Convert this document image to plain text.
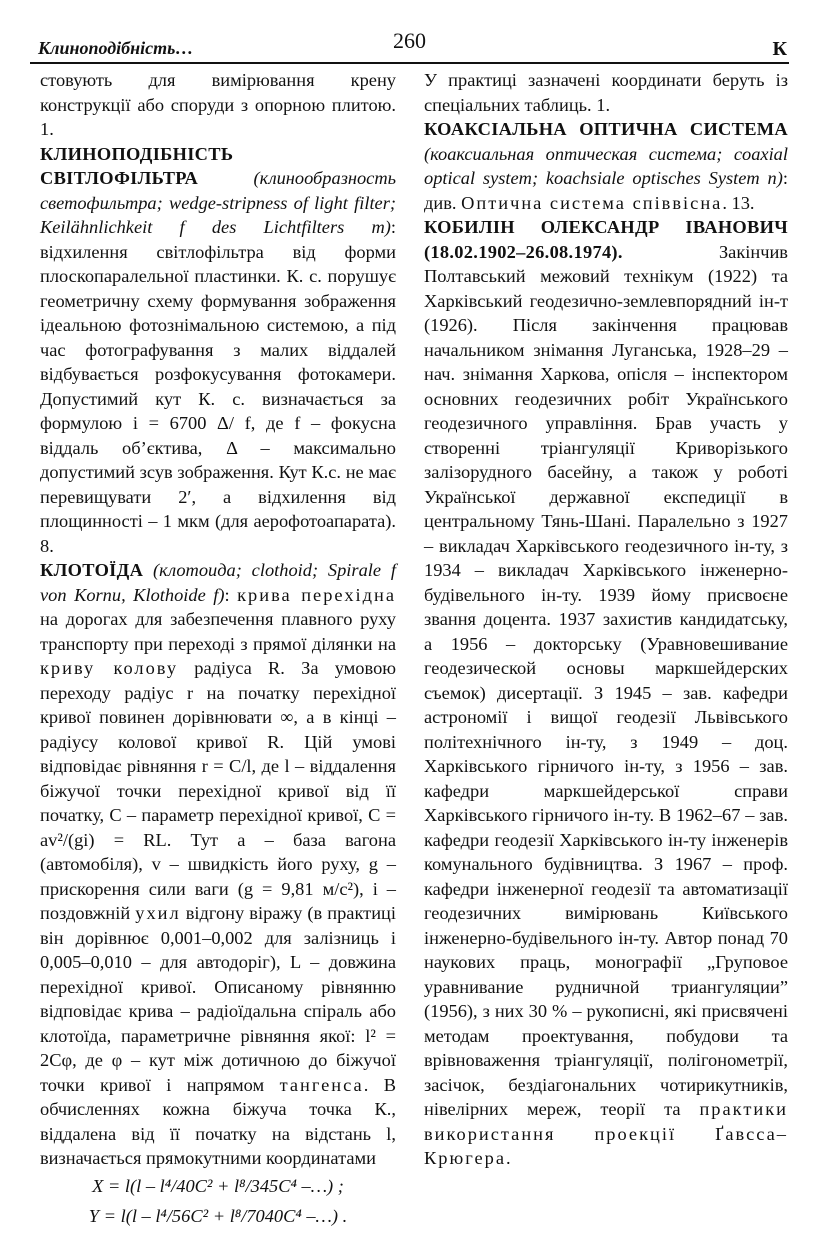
Клиноподібність…	260	К

стовують для вимірювання крену конструкції або споруди з опорною плитою. 1.

КЛИНОПОДІБНІСТЬ СВІТЛОФІЛЬТРА	(клинообразность светофильтра; wedge-stripness of light filter; Keilähnlichkeit f des Lichtfilters m): відхилення світлофільтра від форми плоскопаралельної пластинки. К. с. порушує геометричну схему формування зображення ідеальною фотознімальною системою, а під час фотографування з малих віддалей відбувається розфокусування фотокамери. Допустимий кут К. с. визначається за формулою i = 6700 Δ/ f, де f – фокусна віддаль об’єктива, Δ – максимально допустимий зсув зображення. Кут К.с. не має перевищувати 2′, а відхилення від площинності – 1 мкм (для аерофотоапарата). 8.

КЛОТОЇДА (клотоида; clothoid; Spirale f von Kornu, Klothoide f): крива перехідна на дорогах для забезпечення плавного руху транспорту при переході з прямої ділянки на криву колову радіуса R. За умовою переходу радіус r на початку перехідної кривої повинен дорівнювати ∞, а в кінці – радіусу колової кривої R. Цій умові відповідає рівняння r = C/l, де l – віддалення біжучої точки перехідної кривої від її початку, C – параметр перехідної кривої, C = av²/(gi) = RL. Тут a – база вагона (автомобіля), v – швидкість його руху, g – прискорення сили ваги (g = 9,81 м/с²), i – поздовжній ухил відгону віражу (в практиці він дорівнює 0,001–0,002 для залізниць і 0,005–0,010 – для автодоріг), L – довжина перехідної кривої. Описаному рівнянню відповідає крива – радіоїдальна спіраль або клотоїда, параметричне рівняння якої: l² = 2Cφ, де φ – кут між дотичною до біжучої точки кривої і напрямом тангенса. В обчисленнях кожна біжуча точка К., віддалена від її початку на відстань l, визначається прямокутними координатами

X = l(l – l⁴/40C² + l⁸/345C⁴ –…) ;

Y = l(l – l⁴/56C² + l⁸/7040C⁴ –…) .

У практиці зазначені координати беруть із спеціальних таблиць. 1.

КОАКСІАЛЬНА ОПТИЧНА СИСТЕМА (коаксиальная оптическая система; coaxial optical system; koachsiale optisches System n): див. Оптична система співвісна. 13.

КОБИЛІН ОЛЕКСАНДР ІВАНОВИЧ (18.02.1902–26.08.1974). Закінчив Полтавський межовий технікум (1922) та Харківський геодезично-землевпорядний ін-т (1926). Після закінчення працював начальником знімання Луганська, 1928–29 – нач. знімання Харкова, опісля – інспектором основних геодезичних робіт Українського геодезичного управління. Брав участь у створенні тріангуляції Криворізького залізорудного басейну, а також у роботі Української державної експедиції в центральному Тянь-Шані. Паралельно з 1927 – викладач Харківського геодезичного ін-ту, з 1934 – викладач Харківського інженерно-будівельного ін-ту. 1939 йому присвоєне звання доцента. 1937 захистив кандидатську, а 1956 – докторську (Уравновешивание геодезической основы маркшейдерских съемок) дисертації. З 1945 – зав. кафедри астрономії і вищої геодезії Львівського політехнічного ін-ту, з 1949 – доц. Харківського гірничого ін-ту, з 1956 – зав. кафедри маркшейдерської справи Харківського гірничого ін-ту. В 1962–67 – зав. кафедри геодезії Харківського ін-ту інженерів комунального будівництва. З 1967 – проф. кафедри інженерної геодезії та автоматизації геодезичних вимірювань Київського інженерно-будівельного ін-ту. Автор понад 70 наукових праць, монографії „Груповое уравнивание рудничной триангуляции” (1956), з них 30 % – рукописні, які присвячені методам проектування, побудови та врівноваження тріангуляції, полігонометрії, засічок, бездіагональних чотирикутників, нівелірних мереж, теорії та практики використання проекції Ґавсса–Крюгера.
